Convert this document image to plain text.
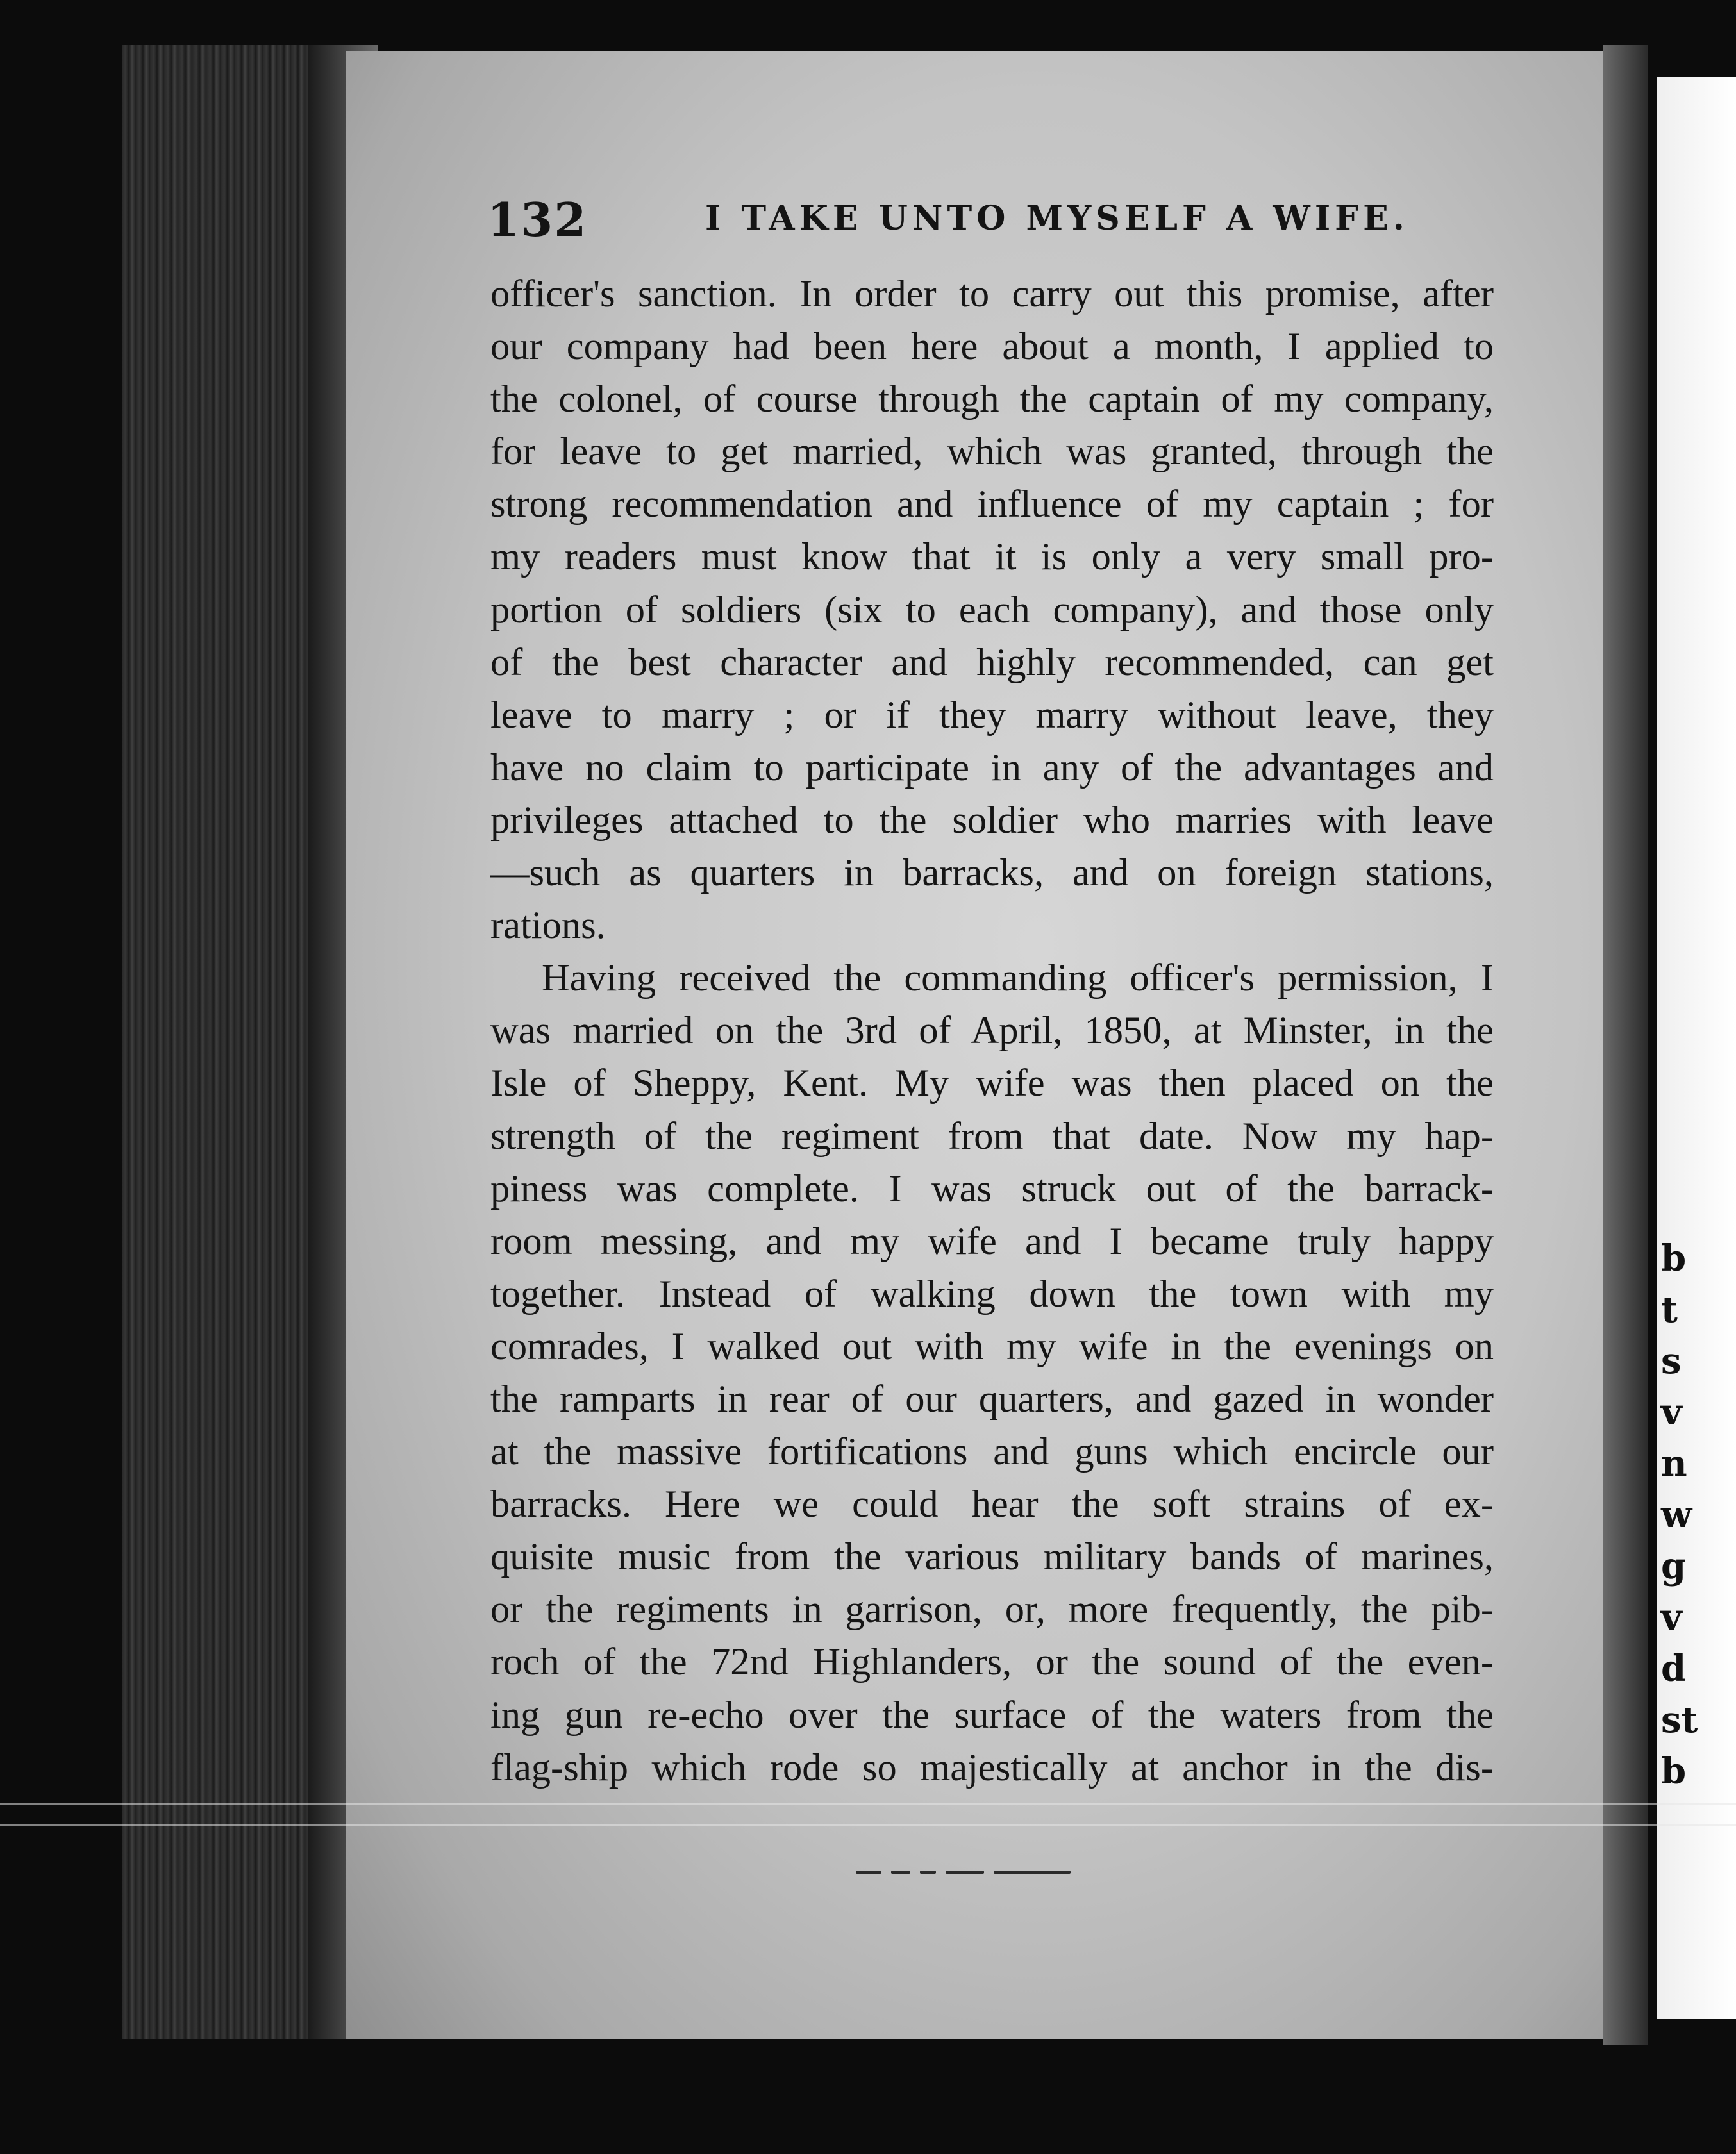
b
t
s
v
n
w
g
v
d
st
b
132	I TAKE UNTO MYSELF A WIFE.
officer's sanction. In order to carry out this promise, after
our company had been here about a month, I applied to
the colonel, of course through the captain of my company,
for leave to get married, which was granted, through the
strong recommendation and influence of my captain ; for
my readers must know that it is only a very small pro-
portion of soldiers (six to each company), and those only
of the best character and highly recommended, can get
leave to marry ; or if they marry without leave, they
have no claim to participate in any of the advantages and
privileges attached to the soldier who marries with leave
—such as quarters in barracks, and on foreign stations,
rations.
Having received the commanding officer's permission, I
was married on the 3rd of April, 1850, at Minster, in the
Isle of Sheppy, Kent. My wife was then placed on the
strength of the regiment from that date. Now my hap-
piness was complete. I was struck out of the barrack-
room messing, and my wife and I became truly happy
together. Instead of walking down the town with my
comrades, I walked out with my wife in the evenings on
the ramparts in rear of our quarters, and gazed in wonder
at the massive fortifications and guns which encircle our
barracks. Here we could hear the soft strains of ex-
quisite music from the various military bands of marines,
or the regiments in garrison, or, more frequently, the pib-
roch of the 72nd Highlanders, or the sound of the even-
ing gun re-echo over the surface of the waters from the
flag-ship which rode so majestically at anchor in the dis-
